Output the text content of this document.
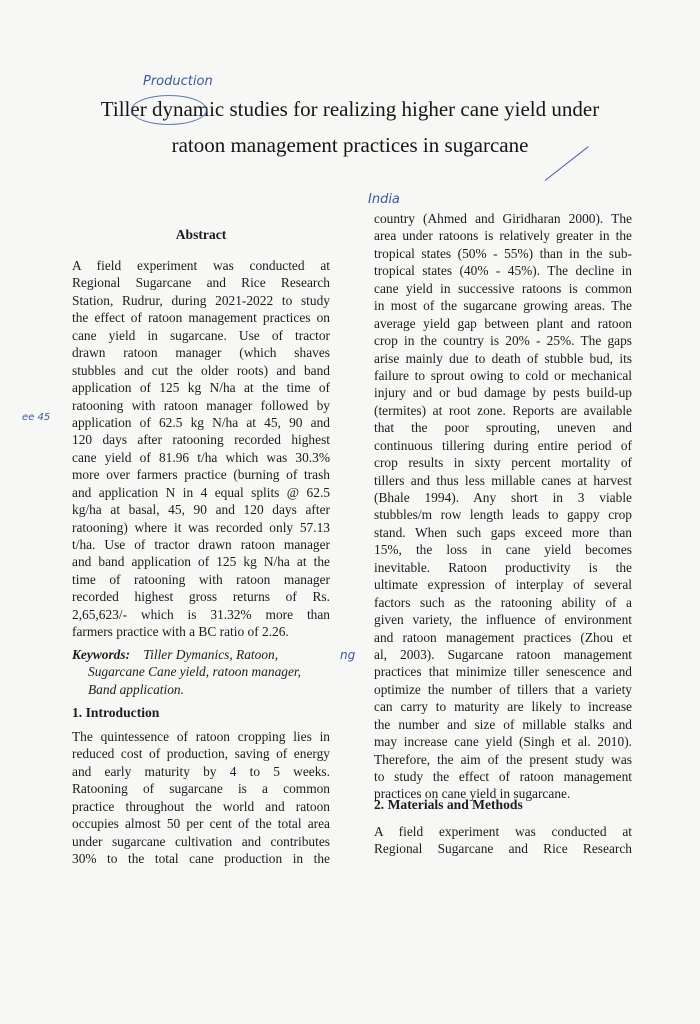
Tiller dynamic studies for realizing higher cane yield under
ratoon management practices in sugarcane
Production
Abstract
A field experiment was conducted at
Regional Sugarcane and Rice Research
Station, Rudrur, during 2021-2022 to study
the effect of ratoon management practices on
cane yield in sugarcane. Use of tractor
drawn ratoon manager (which shaves
stubbles and cut the older roots) and band
application of 125 kg N/ha at the time of
ratooning with ratoon manager followed by
application of 62.5 kg N/ha at 45, 90 and
120 days after ratooning recorded highest
cane yield of 81.96 t/ha which was 30.3%
more over farmers practice (burning of trash
and application N in 4 equal splits @ 62.5
kg/ha at basal, 45, 90 and 120 days after
ratooning) where it was recorded only 57.13
t/ha. Use of tractor drawn ratoon manager
and band application of 125 kg N/ha at the
time of ratooning with ratoon manager
recorded highest gross returns of Rs.
2,65,623/- which is 31.32% more than
farmers practice with a BC ratio of 2.26.
Keywords: Tiller Dymanics, Ratoon,
Sugarcane Cane yield, ratoon manager,
Band application.
1. Introduction
The quintessence of ratoon cropping lies in
reduced cost of production, saving of energy
and early maturity by 4 to 5 weeks.
Ratooning of sugarcane is a common
practice throughout the world and ratoon
occupies almost 50 per cent of the total area
under sugarcane cultivation and contributes
30% to the total cane production in the
ng
ee 45
country (Ahmed and Giridharan 2000). The
area under ratoons is relatively greater in the
tropical states (50% - 55%) than in the sub-
tropical states (40% - 45%). The decline in
cane yield in successive ratoons is common
in most of the sugarcane growing areas. The
average yield gap between plant and ratoon
crop in the country is 20% - 25%. The gaps
arise mainly due to death of stubble bud, its
failure to sprout owing to cold or mechanical
injury and or bud damage by pests build-up
(termites) at root zone. Reports are available
that the poor sprouting, uneven and
continuous tillering during entire period of
crop results in sixty percent mortality of
tillers and thus less millable canes at harvest
(Bhale 1994). Any short in 3 viable
stubbles/m row length leads to gappy crop
stand. When such gaps exceed more than
15%, the loss in cane yield becomes
inevitable. Ratoon productivity is the
ultimate expression of interplay of several
factors such as the ratooning ability of a
given variety, the influence of environment
and ratoon management practices (Zhou et
al, 2003). Sugarcane ratoon management
practices that minimize tiller senescence and
optimize the number of tillers that a variety
can carry to maturity are likely to increase
the number and size of millable stalks and
may increase cane yield (Singh et al. 2010).
Therefore, the aim of the present study was
to study the effect of ratoon management
practices on cane yield in sugarcane.
2. Materials and Methods
A field experiment was conducted at
Regional Sugarcane and Rice Research
India
